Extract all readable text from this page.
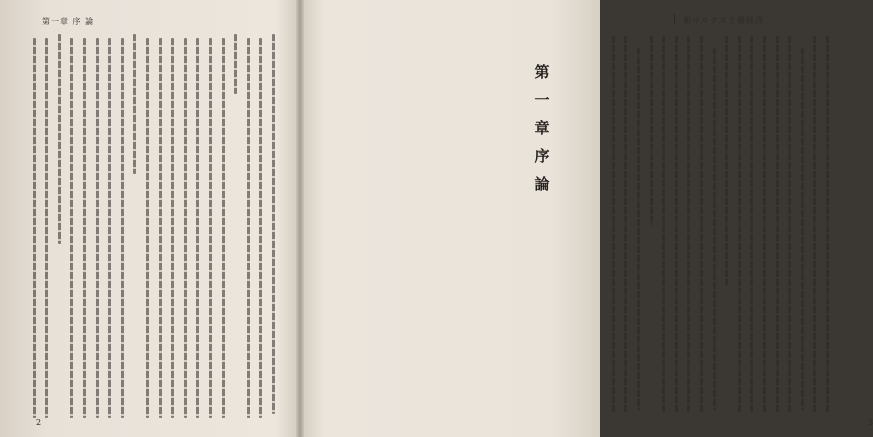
第一章 序 論
2
新マルクス主義経済
3
第一章 序 論
